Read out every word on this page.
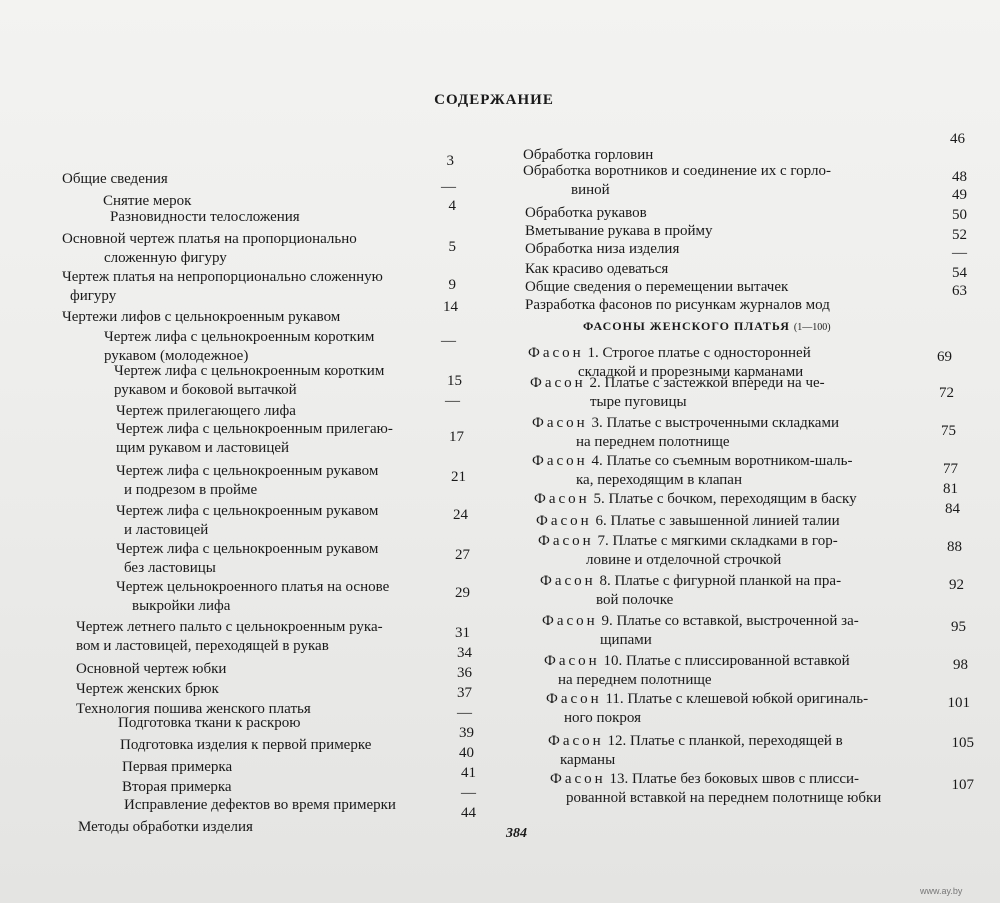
СОДЕРЖАНИЕ
Общие сведения
3
Снятие мерок
—
Разновидности телосложения
4
Основной чертеж платья на пропорционально
сложенную фигуру
5
Чертеж платья на непропорционально сложенную
фигуру
9
Чертежи лифов с цельнокроенным рукавом
14
Чертеж лифа с цельнокроенным коротким
рукавом (молодежное)
—
Чертеж лифа с цельнокроенным коротким
рукавом и боковой вытачкой
15
Чертеж прилегающего лифа
—
Чертеж лифа с цельнокроенным прилегаю-
щим рукавом и ластовицей
17
Чертеж лифа с цельнокроенным рукавом
и подрезом в пройме
21
Чертеж лифа с цельнокроенным рукавом
и ластовицей
24
Чертеж лифа с цельнокроенным рукавом
без ластовицы
27
Чертеж цельнокроенного платья на основе
выкройки лифа
29
Чертеж летнего пальто с цельнокроенным рука-
вом и ластовицей, переходящей в рукав
31
Основной чертеж юбки
34
Чертеж женских брюк
36
Технология пошива женского платья
37
Подготовка ткани к раскрою
—
Подготовка изделия к первой примерке
39
Первая примерка
40
Вторая примерка
41
Исправление дефектов во время примерки
—
Методы обработки изделия
44
Обработка горловин
46
Обработка воротников и соединение их с горло-
виной
48
Обработка рукавов
49
Вметывание рукава в пройму
50
Обработка низа изделия
52
Как красиво одеваться
—
Общие сведения о перемещении вытачек
54
Разработка фасонов по рисункам журналов мод
63
ФАСОНЫ ЖЕНСКОГО ПЛАТЬЯ (1—100)
Фасон 1. Строгое платье с односторонней
складкой и прорезными карманами
69
Фасон 2. Платье с застежкой впереди на че-
тыре пуговицы
72
Фасон 3. Платье с выстроченными складками
на переднем полотнище
75
Фасон 4. Платье со съемным воротником-шаль-
ка, переходящим в клапан
77
Фасон 5. Платье с бочком, переходящим в баску
81
Фасон 6. Платье с завышенной линией талии
84
Фасон 7. Платье с мягкими складками в гор-
ловине и отделочной строчкой
88
Фасон 8. Платье с фигурной планкой на пра-
вой полочке
92
Фасон 9. Платье со вставкой, выстроченной за-
щипами
95
Фасон 10. Платье с плиссированной вставкой
на переднем полотнище
98
Фасон 11. Платье с клешевой юбкой оригиналь-
ного покроя
101
Фасон 12. Платье с планкой, переходящей в
карманы
105
Фасон 13. Платье без боковых швов с плисси-
рованной вставкой на переднем полотнище юбки
107
384
www.ay.by
